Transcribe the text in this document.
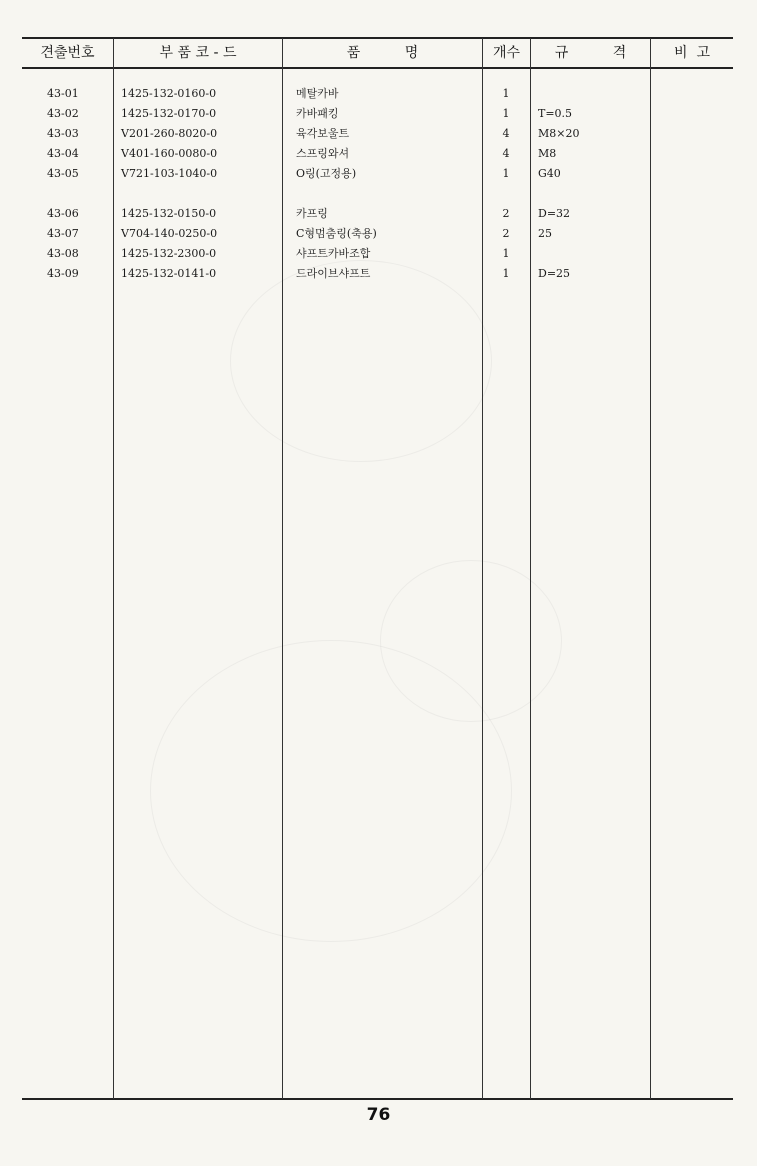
견출번호	부 품 코 - 드	품          명	개수	규          격	비  고
43-01	1425-132-0160-0	메탈카바	1
43-02	1425-132-0170-0	카바패킹	1	T=0.5
43-03	V201-260-8020-0	육각보울트	4	M8×20
43-04	V401-160-0080-0	스프링와셔	4	M8
43-05	V721-103-1040-0	O링(고정용)	1	G40
43-06	1425-132-0150-0	카프링	2	D=32
43-07	V704-140-0250-0	C형멈춤링(축용)	2	25
43-08	1425-132-2300-0	샤프트카바조합	1
43-09	1425-132-0141-0	드라이브샤프트	1	D=25
76
